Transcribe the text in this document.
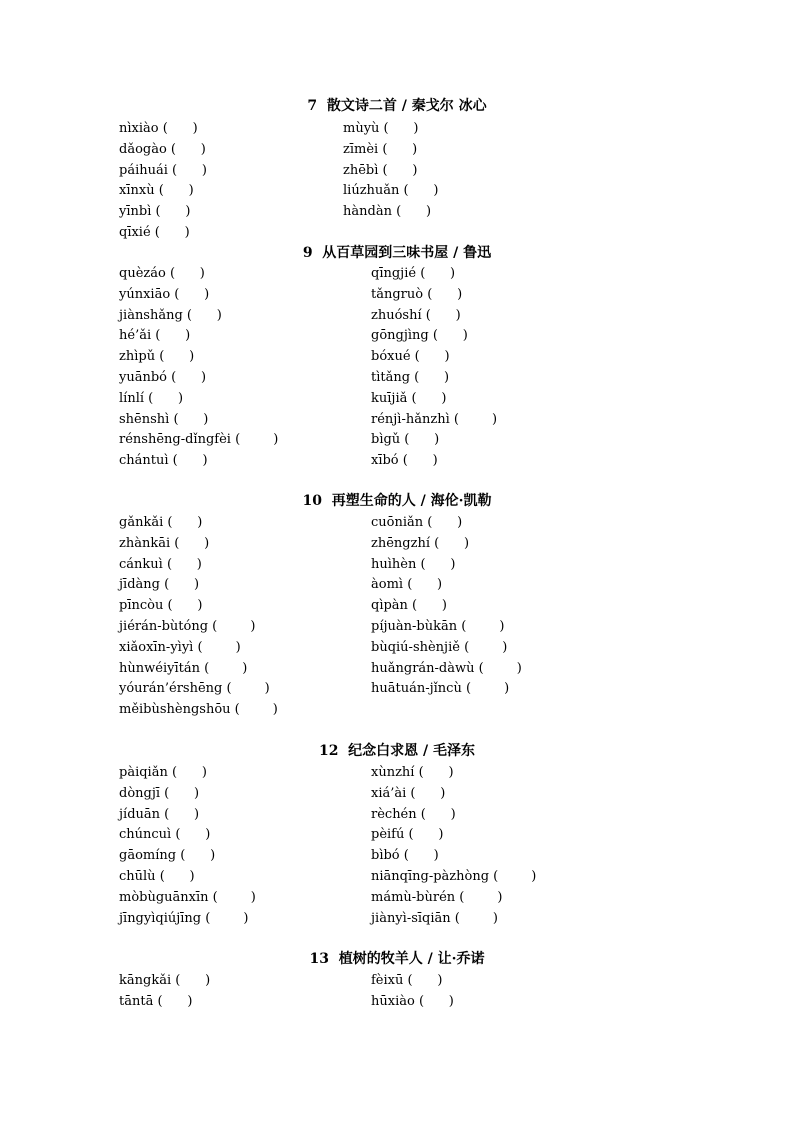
7  散文诗二首 / 秦戈尔 冰心
nìxiào (      )	mùyù (      )
dǎogào (      )	zīmèi (      )
páihuái (      )	zhēbì (      )
xīnxù (      )	liúzhuǎn (      )
yīnbì (      )	hàndàn (      )
qīxié (      )
9  从百草园到三味书屋 / 鲁迅
quèzáo (      )	qīngjié (      )
yúnxiāo (      )	tǎngruò (      )
jiànshǎng (      )	zhuóshí (      )
hé’ǎi (      )	gōngjìng (      )
zhìpǔ (      )	bóxué (      )
yuānbó (      )	tìtǎng (      )
línlí (      )	kuījiǎ (      )
shēnshì (      )	rénjì-hǎnzhì (        )
rénshēng-dǐngfèi (        )	bìgǔ (      )
chántuì (      )	xībó (      )
10  再塑生命的人 / 海伦·凯勒
gǎnkǎi (      )	cuōniǎn (      )
zhànkāi (      )	zhēngzhí (      )
cánkuì (      )	huìhèn (      )
jīdàng (      )	àomì (      )
pīncòu (      )	qìpàn (      )
jiérán-bùtóng (        )	píjuàn-bùkān (        )
xiǎoxīn-yìyì (        )	bùqiú-shènjiě (        )
hùnwéiyītán (        )	huǎngrán-dàwù (        )
yóurán’érshēng (        )	huātuán-jǐncù (        )
měibùshèngshōu (        )
12  纪念白求恩 / 毛泽东
pàiqiǎn (      )	xùnzhí (      )
dòngjī (      )	xiá’ài (      )
jíduān (      )	rèchén (      )
chúncuì (      )	pèifú (      )
gāomíng (      )	bìbó (      )
chūlù (      )	niānqīng-pàzhòng (        )
mòbùguānxīn (        )	mámù-bùrén (        )
jīngyìqiújīng (        )	jiànyì-sīqiān (        )
13  植树的牧羊人 / 让·乔诺
kāngkǎi (      )	fèixū (      )
tāntā (      )	hūxiào (      )
